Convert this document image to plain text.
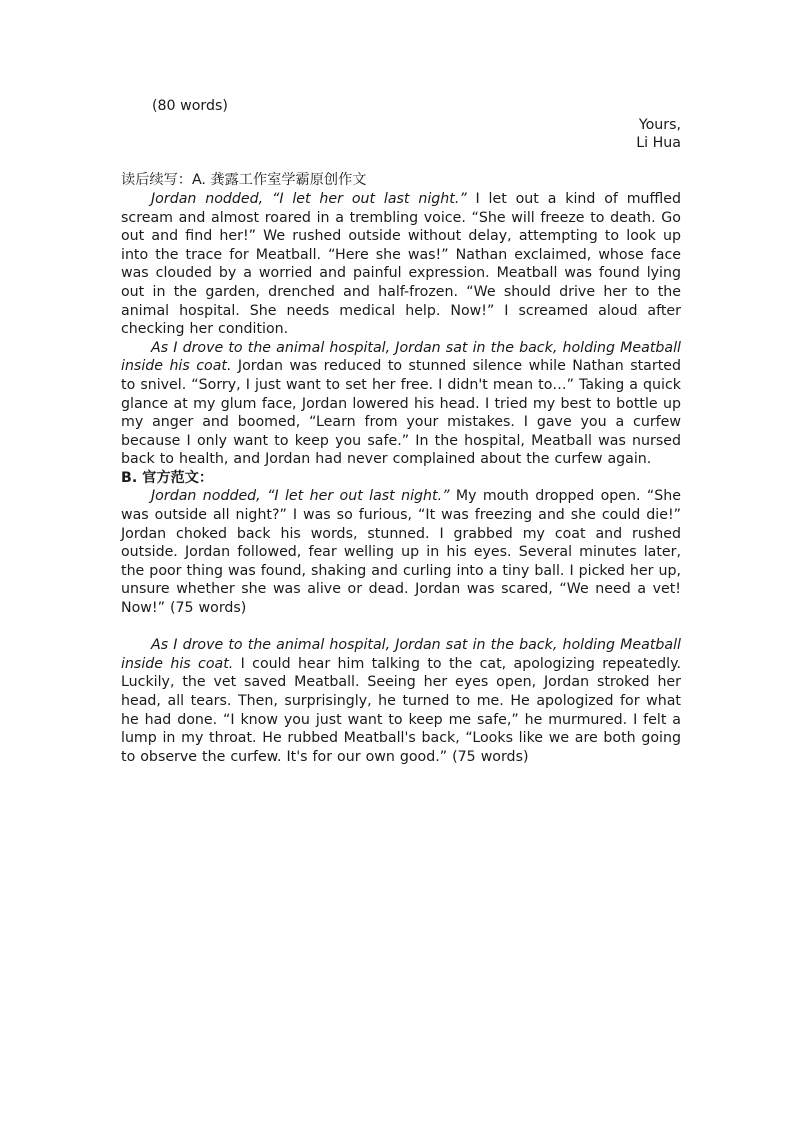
(80 words)
Yours,
Li Hua
读后续写：A. 龚露工作室学霸原创作文

Jordan nodded, “I let her out last night.” I let out a kind of muffled scream and almost roared in a trembling voice. “She will freeze to death. Go out and find her!” We rushed outside without delay, attempting to look up into the trace for Meatball. “Here she was!” Nathan exclaimed, whose face was clouded by a worried and painful expression. Meatball was found lying out in the garden, drenched and half-frozen. “We should drive her to the animal hospital. She needs medical help. Now!” I screamed aloud after checking her condition.

As I drove to the animal hospital, Jordan sat in the back, holding Meatball inside his coat. Jordan was reduced to stunned silence while Nathan started to snivel. “Sorry, I just want to set her free. I didn't mean to…” Taking a quick glance at my glum face, Jordan lowered his head. I tried my best to bottle up my anger and boomed, “Learn from your mistakes. I gave you a curfew because I only want to keep you safe.” In the hospital, Meatball was nursed back to health, and Jordan had never complained about the curfew again.

B. 官方范文：

Jordan nodded, “I let her out last night.” My mouth dropped open. “She was outside all night?” I was so furious, “It was freezing and she could die!” Jordan choked back his words, stunned. I grabbed my coat and rushed outside. Jordan followed, fear welling up in his eyes. Several minutes later, the poor thing was found, shaking and curling into a tiny ball. I picked her up, unsure whether she was alive or dead. Jordan was scared, “We need a vet! Now!” (75 words)

As I drove to the animal hospital, Jordan sat in the back, holding Meatball inside his coat. I could hear him talking to the cat, apologizing repeatedly. Luckily, the vet saved Meatball. Seeing her eyes open, Jordan stroked her head, all tears. Then, surprisingly, he turned to me. He apologized for what he had done. “I know you just want to keep me safe,” he murmured. I felt a lump in my throat. He rubbed Meatball's back, “Looks like we are both going to observe the curfew. It's for our own good.” (75 words)
